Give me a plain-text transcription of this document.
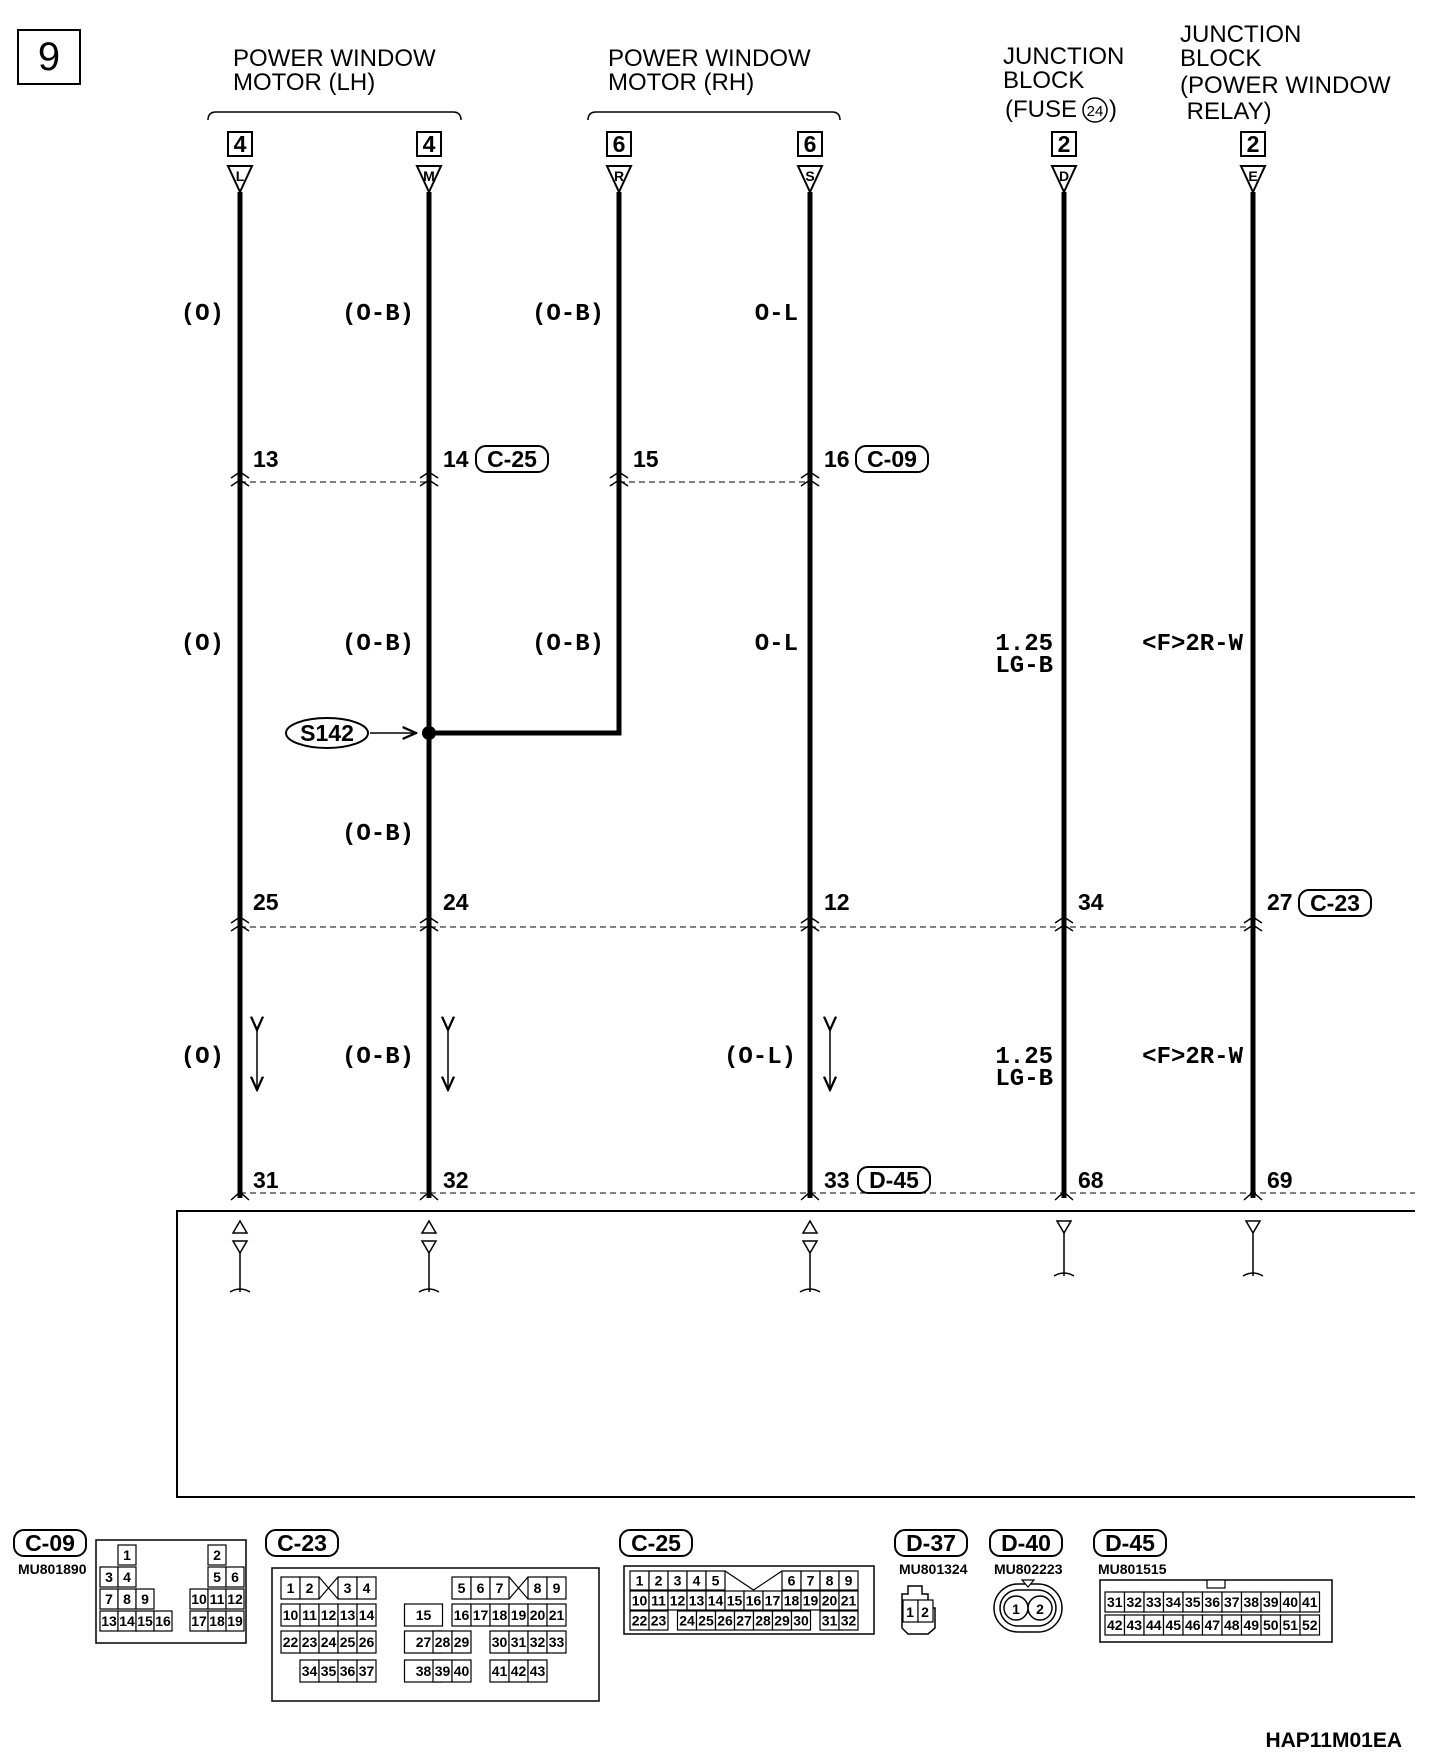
9	POWER WINDOW
MOTOR (LH)
POWER WINDOW
MOTOR (RH)
JUNCTION
BLOCK
(FUSE 24 )
JUNCTION
BLOCK
(POWER WINDOW
RELAY)
4
L
4
M
6
R
6
S
2
D
2
E
S142
(O)	(O-B)	(O-B)	O-L
(O)	(O-B)	(O-B)	O-L	1.25
LG-B
<F>2R-W
(O-B)
(O)	(O-B)	(O-L)	1.25
LG-B
<F>2R-W
13	14 C-25	15	16 C-09
25	24	12	34	27 C-23
31	32	33 D-45	68	69
C-09
MU801890
1	2
3 4	5 6
7 8 9	10 11 12
13 14 15 16 17 18 19
C-23
1 2 3 4	5 6 7 8 9
10 11 12 13 14	15 16 17 18 19 20 21
22 23 24 25 26	27 28 29 30 31 32 33
34 35 36 37	38 39 40 41 42 43
C-25
1 2 3 4 5	6 7 8 9
10 11 12 13 14 15 16 17 18 19 20 21
22 23 24 25 26 27 28 29 30 31 32
D-37
MU801324
1 2
D-40
MU802223
1 2
D-45
MU801515
31 32 33 34 35 36 37 38 39 40 41
42 43 44 45 46 47 48 49 50 51 52
HAP11M01EA
